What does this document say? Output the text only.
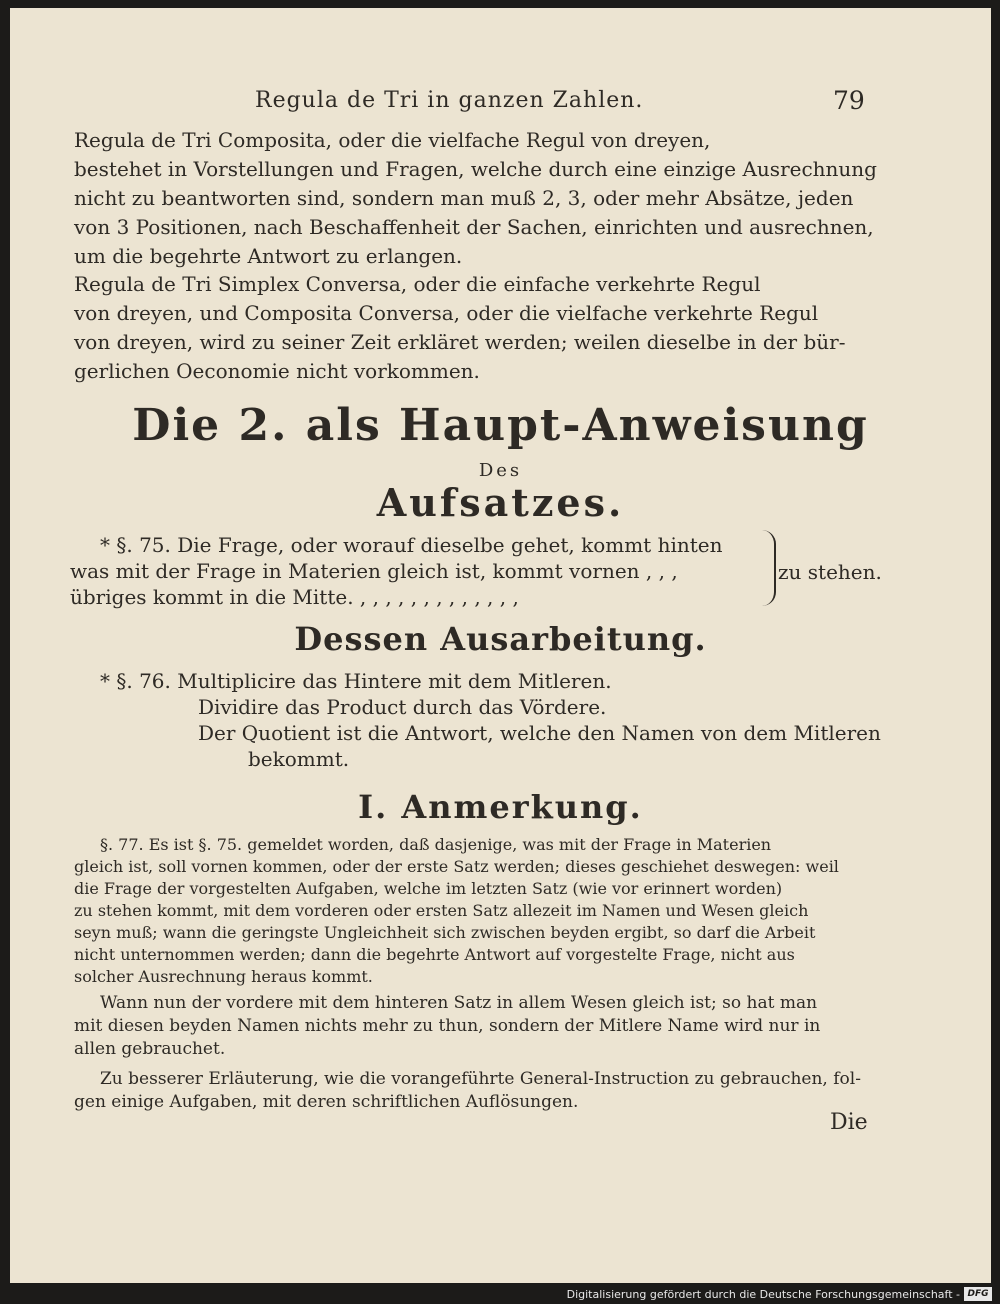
Regula de Tri in ganzen Zahlen.	79
Regula de Tri Composita, oder die vielfache Regul von dreyen,
bestehet in Vorstellungen und Fragen, welche durch eine einzige Ausrechnung
nicht zu beantworten sind, sondern man muß 2, 3, oder mehr Absätze, jeden
von 3 Positionen, nach Beschaffenheit der Sachen, einrichten und ausrechnen,
um die begehrte Antwort zu erlangen.
Regula de Tri Simplex Conversa, oder die einfache verkehrte Regul
von dreyen, und Composita Conversa, oder die vielfache verkehrte Regul
von dreyen, wird zu seiner Zeit erkläret werden; weilen dieselbe in der bür-
gerlichen Oeconomie nicht vorkommen.
Die 2. als Haupt-Anweisung
Des
Aufsatzes.
* §. 75. Die Frage, oder worauf dieselbe gehet, kommt hinten
was mit der Frage in Materien gleich ist, kommt vornen , , ,
übriges kommt in die Mitte. , , , , , , , , , , , , ,
zu stehen.
Dessen Ausarbeitung.
* §. 76. Multiplicire das Hintere mit dem Mitleren.
Dividire das Product durch das Vördere.
Der Quotient ist die Antwort, welche den Namen von dem Mitleren
bekommt.
I. Anmerkung.
§. 77. Es ist §. 75. gemeldet worden, daß dasjenige, was mit der Frage in Materien
gleich ist, soll vornen kommen, oder der erste Satz werden; dieses geschiehet deswegen: weil
die Frage der vorgestelten Aufgaben, welche im letzten Satz (wie vor erinnert worden)
zu stehen kommt, mit dem vorderen oder ersten Satz allezeit im Namen und Wesen gleich
seyn muß; wann die geringste Ungleichheit sich zwischen beyden ergibt, so darf die Arbeit
nicht unternommen werden; dann die begehrte Antwort auf vorgestelte Frage, nicht aus
solcher Ausrechnung heraus kommt.
Wann nun der vordere mit dem hinteren Satz in allem Wesen gleich ist; so hat man
mit diesen beyden Namen nichts mehr zu thun, sondern der Mitlere Name wird nur in
allen gebrauchet.
Zu besserer Erläuterung, wie die vorangeführte General-Instruction zu gebrauchen, fol-
gen einige Aufgaben, mit deren schriftlichen Auflösungen.
Die
Digitalisierung gefördert durch die Deutsche Forschungsgemeinschaft - DFG
